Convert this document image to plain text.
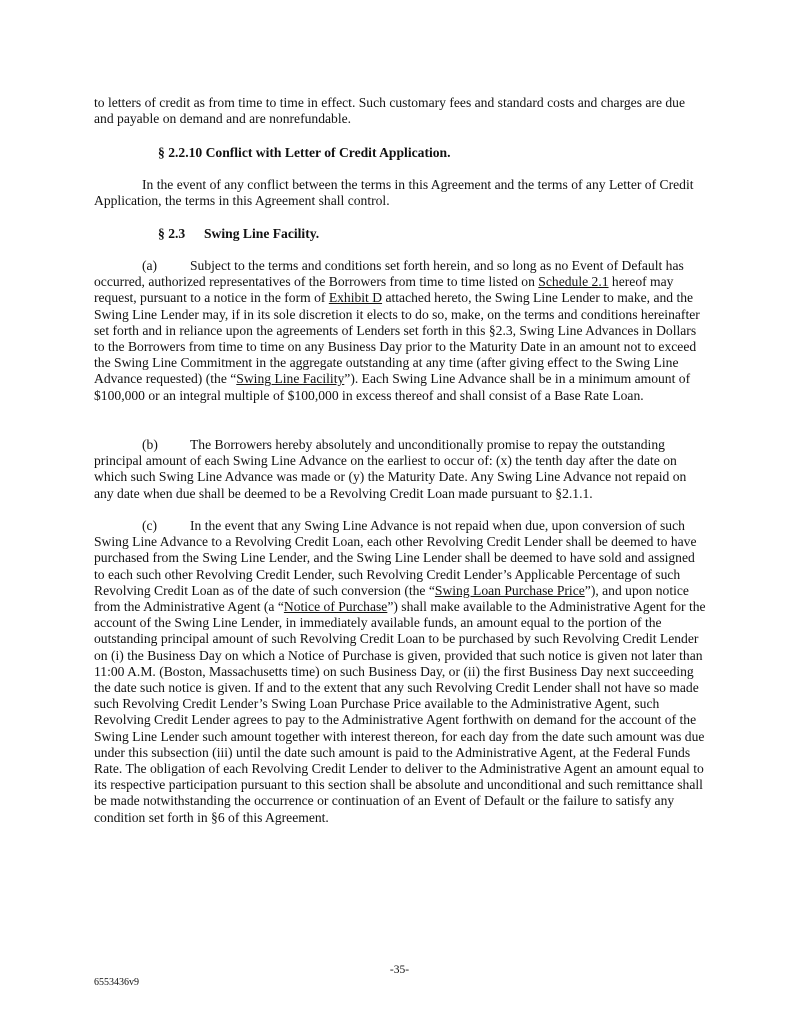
to letters of credit as from time to time in effect. Such customary fees and standard costs and charges are due and payable on demand and are nonrefundable.
§ 2.2.10 Conflict with Letter of Credit Application.
In the event of any conflict between the terms in this Agreement and the terms of any Letter of Credit Application, the terms in this Agreement shall control.
§ 2.3 Swing Line Facility.
(a) Subject to the terms and conditions set forth herein, and so long as no Event of Default has occurred, authorized representatives of the Borrowers from time to time listed on Schedule 2.1 hereof may request, pursuant to a notice in the form of Exhibit D attached hereto, the Swing Line Lender to make, and the Swing Line Lender may, if in its sole discretion it elects to do so, make, on the terms and conditions hereinafter set forth and in reliance upon the agreements of Lenders set forth in this §2.3, Swing Line Advances in Dollars to the Borrowers from time to time on any Business Day prior to the Maturity Date in an amount not to exceed the Swing Line Commitment in the aggregate outstanding at any time (after giving effect to the Swing Line Advance requested) (the “Swing Line Facility”). Each Swing Line Advance shall be in a minimum amount of $100,000 or an integral multiple of $100,000 in excess thereof and shall consist of a Base Rate Loan.
(b) The Borrowers hereby absolutely and unconditionally promise to repay the outstanding principal amount of each Swing Line Advance on the earliest to occur of: (x) the tenth day after the date on which such Swing Line Advance was made or (y) the Maturity Date. Any Swing Line Advance not repaid on any date when due shall be deemed to be a Revolving Credit Loan made pursuant to §2.1.1.
(c) In the event that any Swing Line Advance is not repaid when due, upon conversion of such Swing Line Advance to a Revolving Credit Loan, each other Revolving Credit Lender shall be deemed to have purchased from the Swing Line Lender, and the Swing Line Lender shall be deemed to have sold and assigned to each such other Revolving Credit Lender, such Revolving Credit Lender’s Applicable Percentage of such Revolving Credit Loan as of the date of such conversion (the “Swing Loan Purchase Price”), and upon notice from the Administrative Agent (a “Notice of Purchase”) shall make available to the Administrative Agent for the account of the Swing Line Lender, in immediately available funds, an amount equal to the portion of the outstanding principal amount of such Revolving Credit Loan to be purchased by such Revolving Credit Lender on (i) the Business Day on which a Notice of Purchase is given, provided that such notice is given not later than 11:00 A.M. (Boston, Massachusetts time) on such Business Day, or (ii) the first Business Day next succeeding the date such notice is given. If and to the extent that any such Revolving Credit Lender shall not have so made such Revolving Credit Lender’s Swing Loan Purchase Price available to the Administrative Agent, such Revolving Credit Lender agrees to pay to the Administrative Agent forthwith on demand for the account of the Swing Line Lender such amount together with interest thereon, for each day from the date such amount was due under this subsection (iii) until the date such amount is paid to the Administrative Agent, at the Federal Funds Rate. The obligation of each Revolving Credit Lender to deliver to the Administrative Agent an amount equal to its respective participation pursuant to this section shall be absolute and unconditional and such remittance shall be made notwithstanding the occurrence or continuation of an Event of Default or the failure to satisfy any condition set forth in §6 of this Agreement.
-35-
6553436v9
